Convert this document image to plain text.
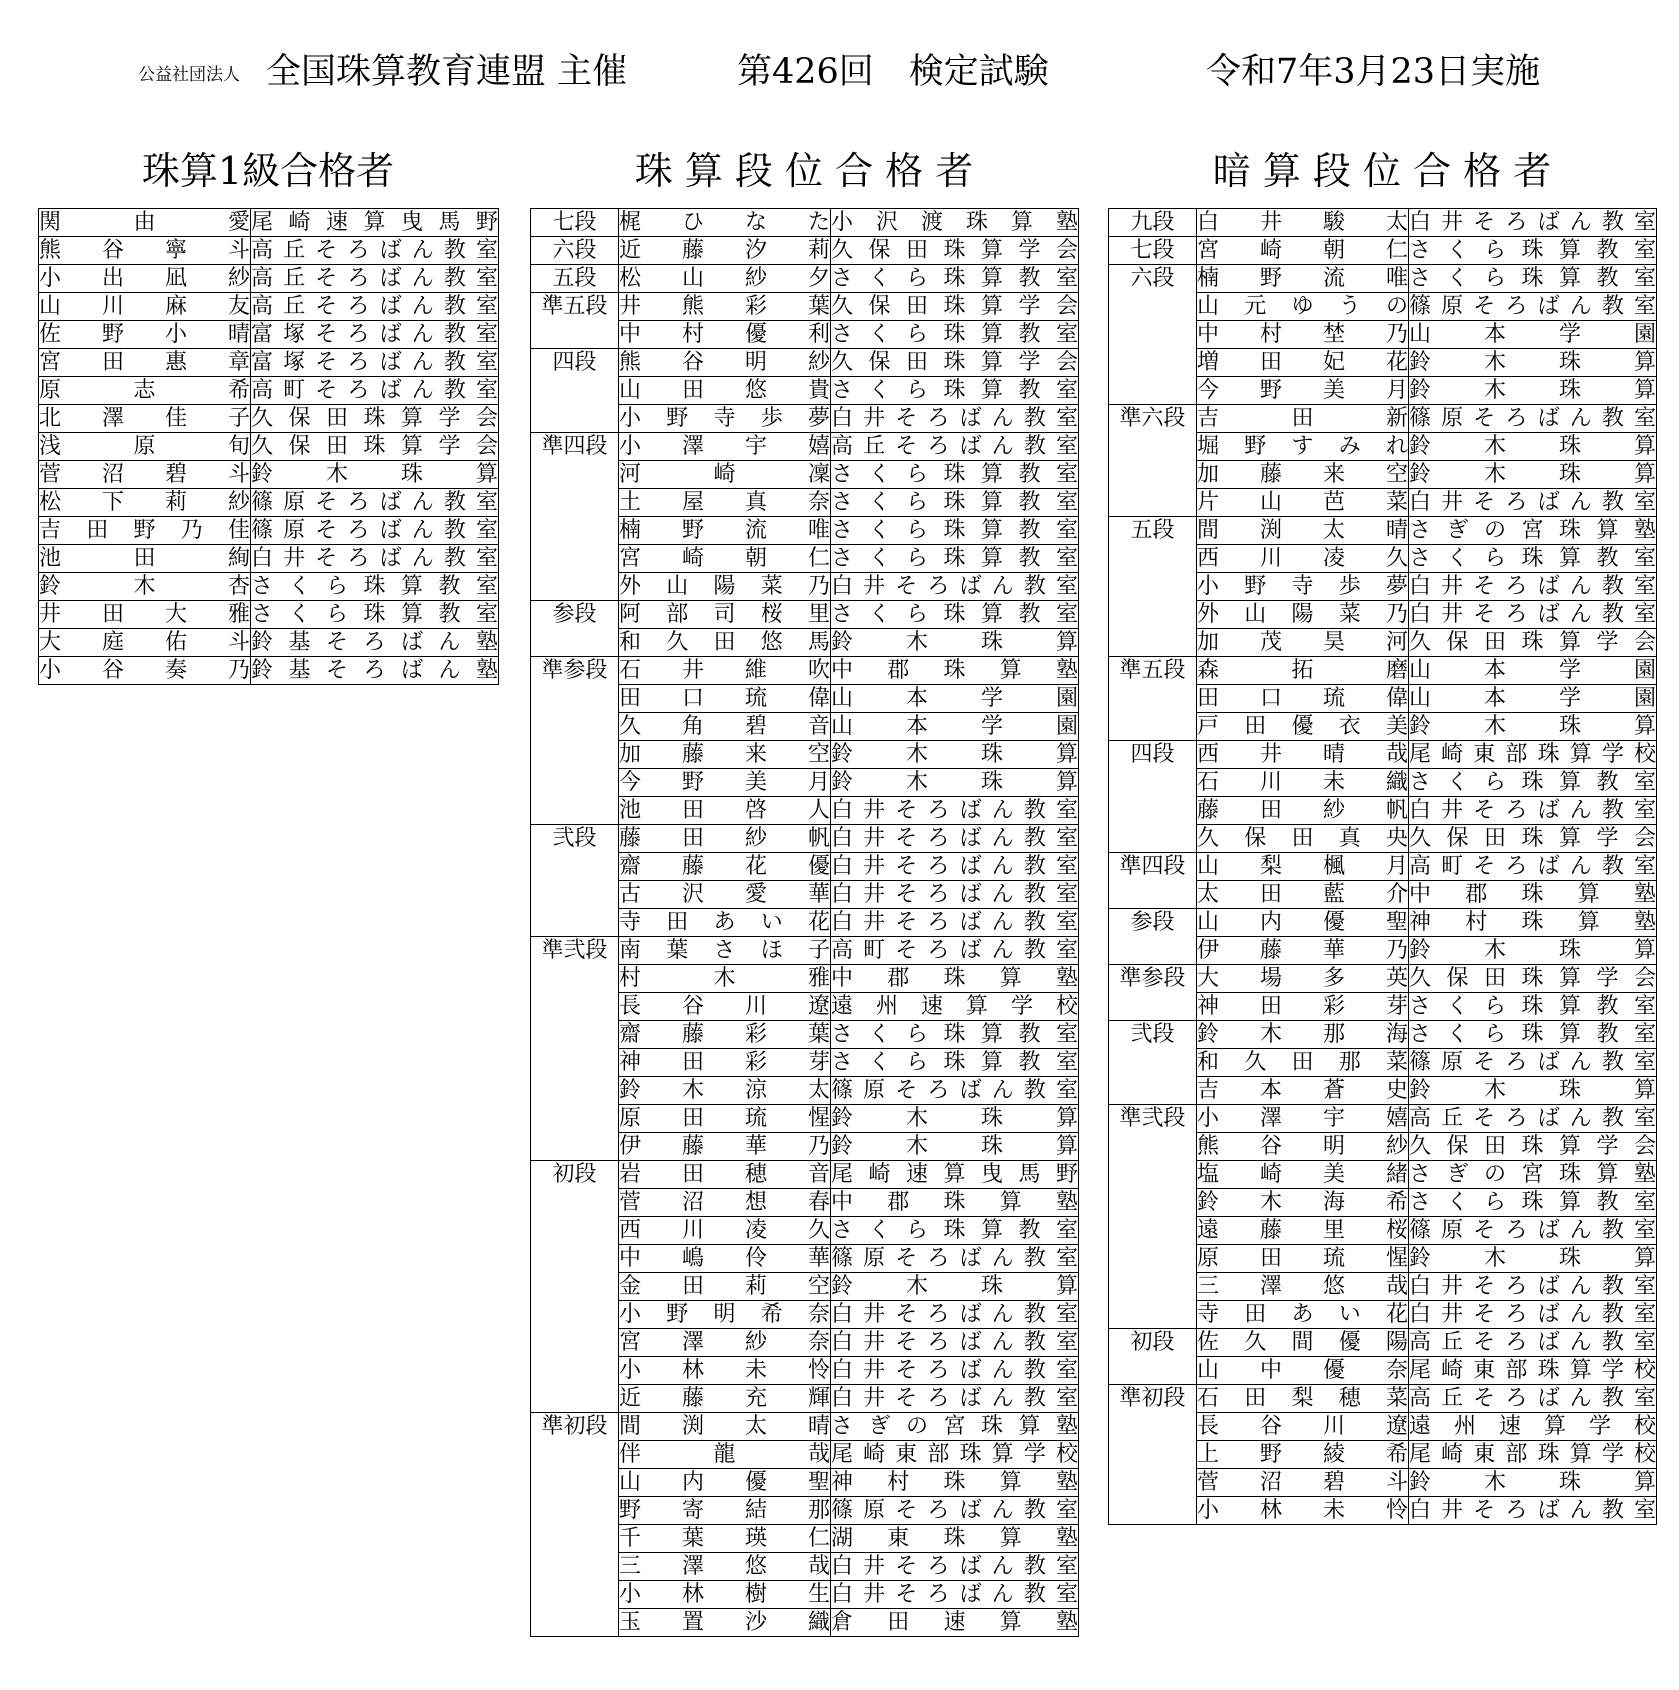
公益社団法人 全国珠算教育連盟 主催	第426回　検定試験	令和7年3月23日実施
珠算1級合格者	珠 算 段 位 合 格 者	暗 算 段 位 合 格 者
関　由　愛	尾崎速算曳馬野
熊谷寧斗	高丘そろばん教室
小出凪紗	高丘そろばん教室
山川麻友	高丘そろばん教室
佐野小晴	富塚そろばん教室
宮田惠章	富塚そろばん教室
原　志　希	高町そろばん教室
北澤佳子	久保田珠算学会
浅　原　旬	久保田珠算学会
菅沼碧斗	鈴　木　珠　算
松下莉紗	篠原そろばん教室
吉田野乃佳	篠原そろばん教室
池　田　絢	白井そろばん教室
鈴　木　杏	さくら珠算教室
井田大雅	さくら珠算教室
大庭佑斗	鈴基そろばん塾
小谷奏乃	鈴基そろばん塾
七段	梶ひなた	小沢渡珠算塾
六段	近藤汐莉	久保田珠算学会
五段	松山紗夕	さくら珠算教室
準五段	井熊彩葉	久保田珠算学会
	中村優利	さくら珠算教室
四段	熊谷明紗	久保田珠算学会
	山田悠貴	さくら珠算教室
	小野寺歩夢	白井そろばん教室
準四段	小澤宇嬉	高丘そろばん教室
	河　崎　凜	さくら珠算教室
	土屋真奈	さくら珠算教室
	楠野流唯	さくら珠算教室
	宮崎朝仁	さくら珠算教室
	外山陽菜乃	白井そろばん教室
参段	阿部司桜里	さくら珠算教室
	和久田悠馬	鈴　木　珠　算
準参段	石井維吹	中郡珠算塾
	田口琉偉	山　本　学　園
	久角碧音	山　本　学　園
	加藤来空	鈴　木　珠　算
	今野美月	鈴　木　珠　算
	池田啓人	白井そろばん教室
弐段	藤田紗帆	白井そろばん教室
	齋藤花優	白井そろばん教室
	古沢愛華	白井そろばん教室
	寺田あい花	白井そろばん教室
準弐段	南葉さほ子	高町そろばん教室
	村　木　雅	中郡珠算塾
	長谷川遼	遠州速算学校
	齋藤彩葉	さくら珠算教室
	神田彩芽	さくら珠算教室
	鈴木涼太	篠原そろばん教室
	原田琉惺	鈴　木　珠　算
	伊藤華乃	鈴　木　珠　算
初段	岩田穂音	尾崎速算曳馬野
	菅沼想春	中郡珠算塾
	西川凌久	さくら珠算教室
	中嶋伶華	篠原そろばん教室
	金田莉空	鈴　木　珠　算
	小野明希奈	白井そろばん教室
	宮澤紗奈	白井そろばん教室
	小林未怜	白井そろばん教室
	近藤充輝	白井そろばん教室
準初段	間渕太晴	さぎの宮珠算塾
	伴　龍　哉	尾崎東部珠算学校
	山内優聖	神村珠算塾
	野寄結那	篠原そろばん教室
	千葉瑛仁	湖東珠算塾
	三澤悠哉	白井そろばん教室
	小林樹生	白井そろばん教室
	玉置沙織	倉田速算塾
九段	白井駿太	白井そろばん教室
七段	宮崎朝仁	さくら珠算教室
六段	楠野流唯	さくら珠算教室
	山元ゆうの	篠原そろばん教室
	中村埜乃	山　本　学　園
	増田妃花	鈴　木　珠　算
	今野美月	鈴　木　珠　算
準六段	吉　田　新	篠原そろばん教室
	堀野すみれ	鈴　木　珠　算
	加藤来空	鈴　木　珠　算
	片山芭菜	白井そろばん教室
五段	間渕太晴	さぎの宮珠算塾
	西川凌久	さくら珠算教室
	小野寺歩夢	白井そろばん教室
	外山陽菜乃	白井そろばん教室
	加茂昊河	久保田珠算学会
準五段	森　拓　磨	山　本　学　園
	田口琉偉	山　本　学　園
	戸田優衣美	鈴　木　珠　算
四段	西井晴哉	尾崎東部珠算学校
	石川未織	さくら珠算教室
	藤田紗帆	白井そろばん教室
	久保田真央	久保田珠算学会
準四段	山梨楓月	高町そろばん教室
	太田藍介	中郡珠算塾
参段	山内優聖	神村珠算塾
	伊藤華乃	鈴　木　珠　算
準参段	大場多英	久保田珠算学会
	神田彩芽	さくら珠算教室
弐段	鈴木那海	さくら珠算教室
	和久田那菜	篠原そろばん教室
	吉本蒼史	鈴　木　珠　算
準弐段	小澤宇嬉	高丘そろばん教室
	熊谷明紗	久保田珠算学会
	塩崎美緒	さぎの宮珠算塾
	鈴木海希	さくら珠算教室
	遠藤里桜	篠原そろばん教室
	原田琉惺	鈴　木　珠　算
	三澤悠哉	白井そろばん教室
	寺田あい花	白井そろばん教室
初段	佐久間優陽	高丘そろばん教室
	山中優奈	尾崎東部珠算学校
準初段	石田梨穂菜	高丘そろばん教室
	長谷川遼	遠州速算学校
	上野綾希	尾崎東部珠算学校
	菅沼碧斗	鈴　木　珠　算
	小林未怜	白井そろばん教室
